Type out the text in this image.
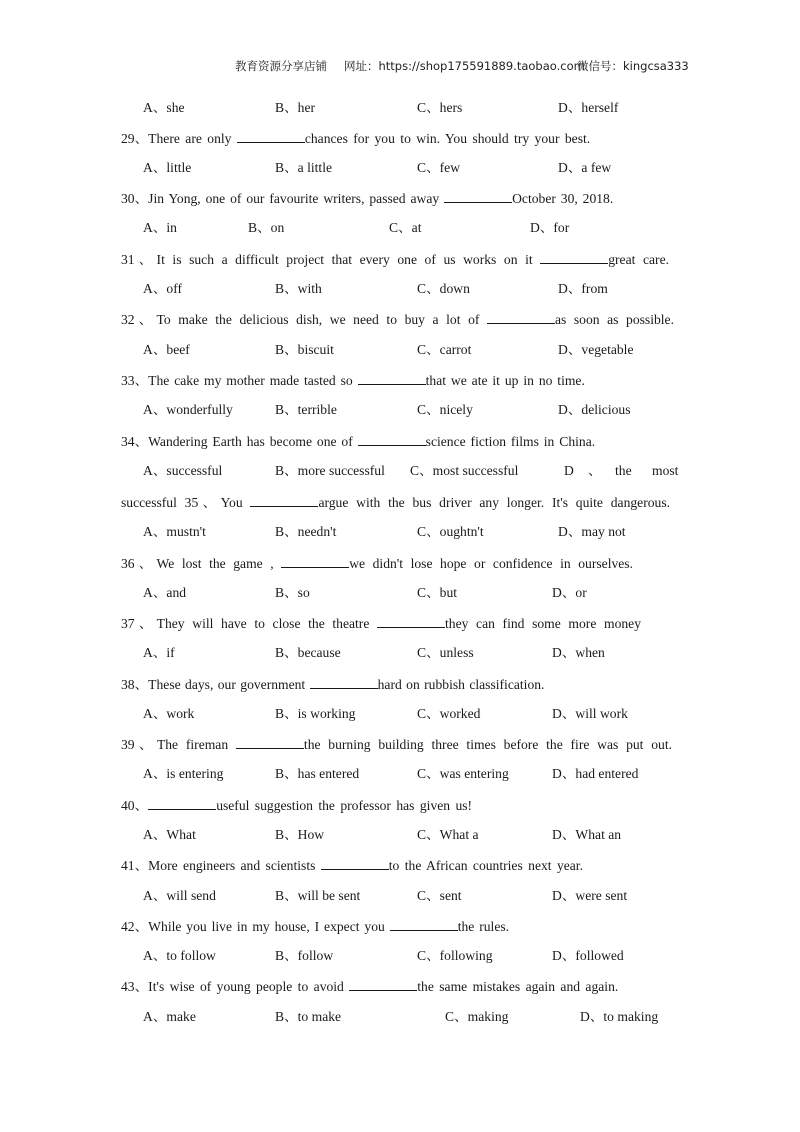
教育资源分享店铺 网址：https://shop175591889.taobao.com
微信号：kingcsa333
A、she	B、her	C、hers	D、herself
29、There are only	chances for you to win. You should try your best.
A、little	B、a little	C、few	D、a few
30、Jin Yong, one of our favourite writers, passed away	October 30, 2018.
A、in	B、on	C、at	D、for
31、It is such a difficult project that every one of us works on it	great care.
A、off	B、with	C、down	D、from
32、To make the delicious dish, we need to buy a lot of	as soon as possible.
A、beef	B、biscuit	C、carrot	D、vegetable
33、The cake my mother made tasted so	that we ate it up in no time.
A、wonderfully	B、terrible	C、nicely	D、delicious
34、Wandering Earth has become one of	science fiction films in China.
A、successful	B、more successful C、most successful	D 、 the most
successful 35、You	argue with the bus driver any longer. It's quite dangerous.
A、mustn't	B、needn't	C、oughtn't	D、may not
36、We lost the game ,	we didn't lose hope or confidence in ourselves.
A、and	B、so	C、but	D、or
37、They will have to close the theatre	they can find some more money
A、if	B、because	C、unless	D、when
38、These days, our government	hard on rubbish classification.
A、work	B、is working	C、worked	D、will work
39、The fireman	the burning building three times before the fire was put out.
A、is entering	B、has entered	C、was entering	D、had entered
40、	useful suggestion the professor has given us!
A、What	B、How	C、What a	D、What an
41、More engineers and scientists	to the African countries next year.
A、will send	B、will be sent	C、sent	D、were sent
42、While you live in my house, I expect you	the rules.
A、to follow	B、follow	C、following	D、followed
43、It's wise of young people to avoid	the same mistakes again and again.
A、make	B、to make	C、making	D、to making
